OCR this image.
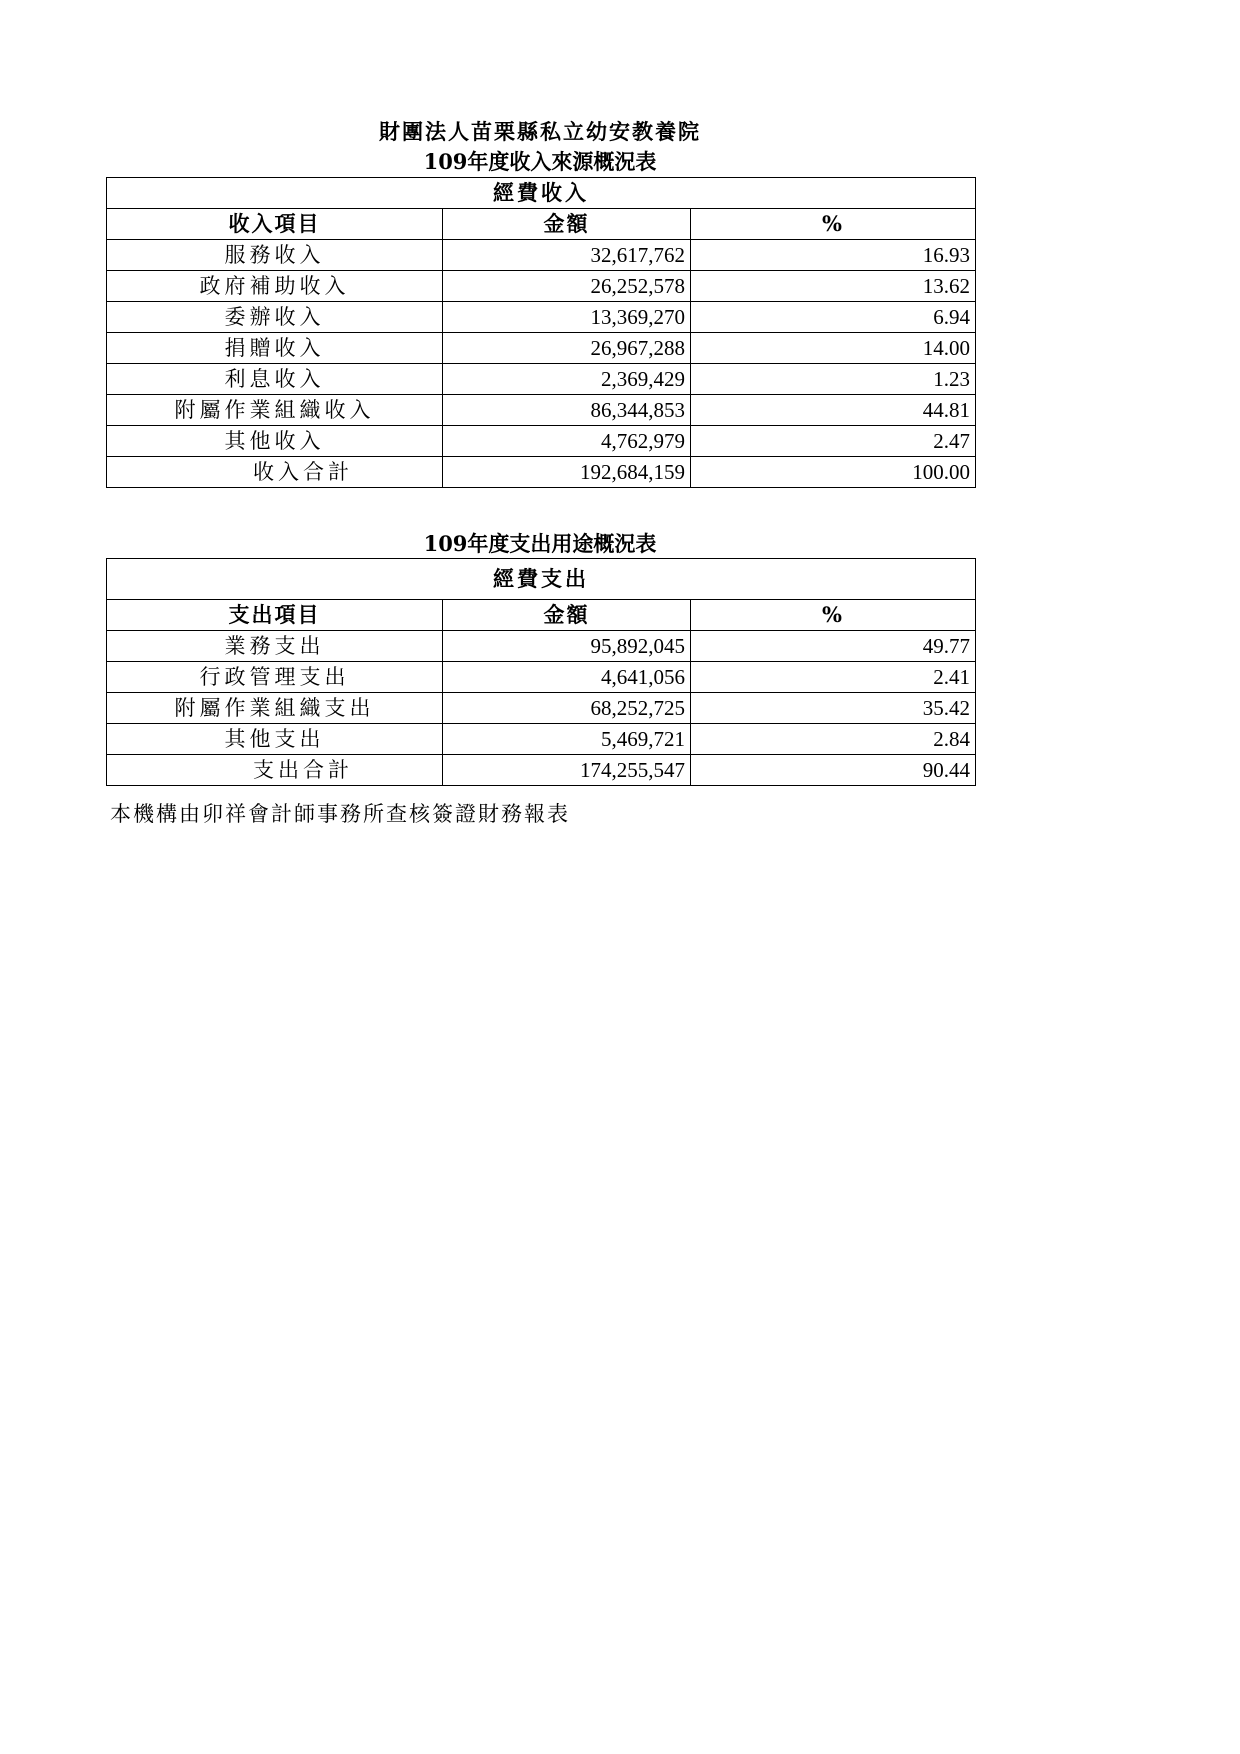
財團法人苗栗縣私立幼安教養院
109年度收入來源概況表
經費收入		
收入項目	金額	%
服務收入	32,617,762	16.93
政府補助收入	26,252,578	13.62
委辦收入	13,369,270	6.94
捐贈收入	26,967,288	14.00
利息收入	2,369,429	1.23
附屬作業組織收入	86,344,853	44.81
其他收入	4,762,979	2.47
收入合計	192,684,159	100.00
109年度支出用途概況表
經費支出		
支出項目	金額	%
業務支出	95,892,045	49.77
行政管理支出	4,641,056	2.41
附屬作業組織支出	68,252,725	35.42
其他支出	5,469,721	2.84
支出合計	174,255,547	90.44
本機構由卯祥會計師事務所查核簽證財務報表
